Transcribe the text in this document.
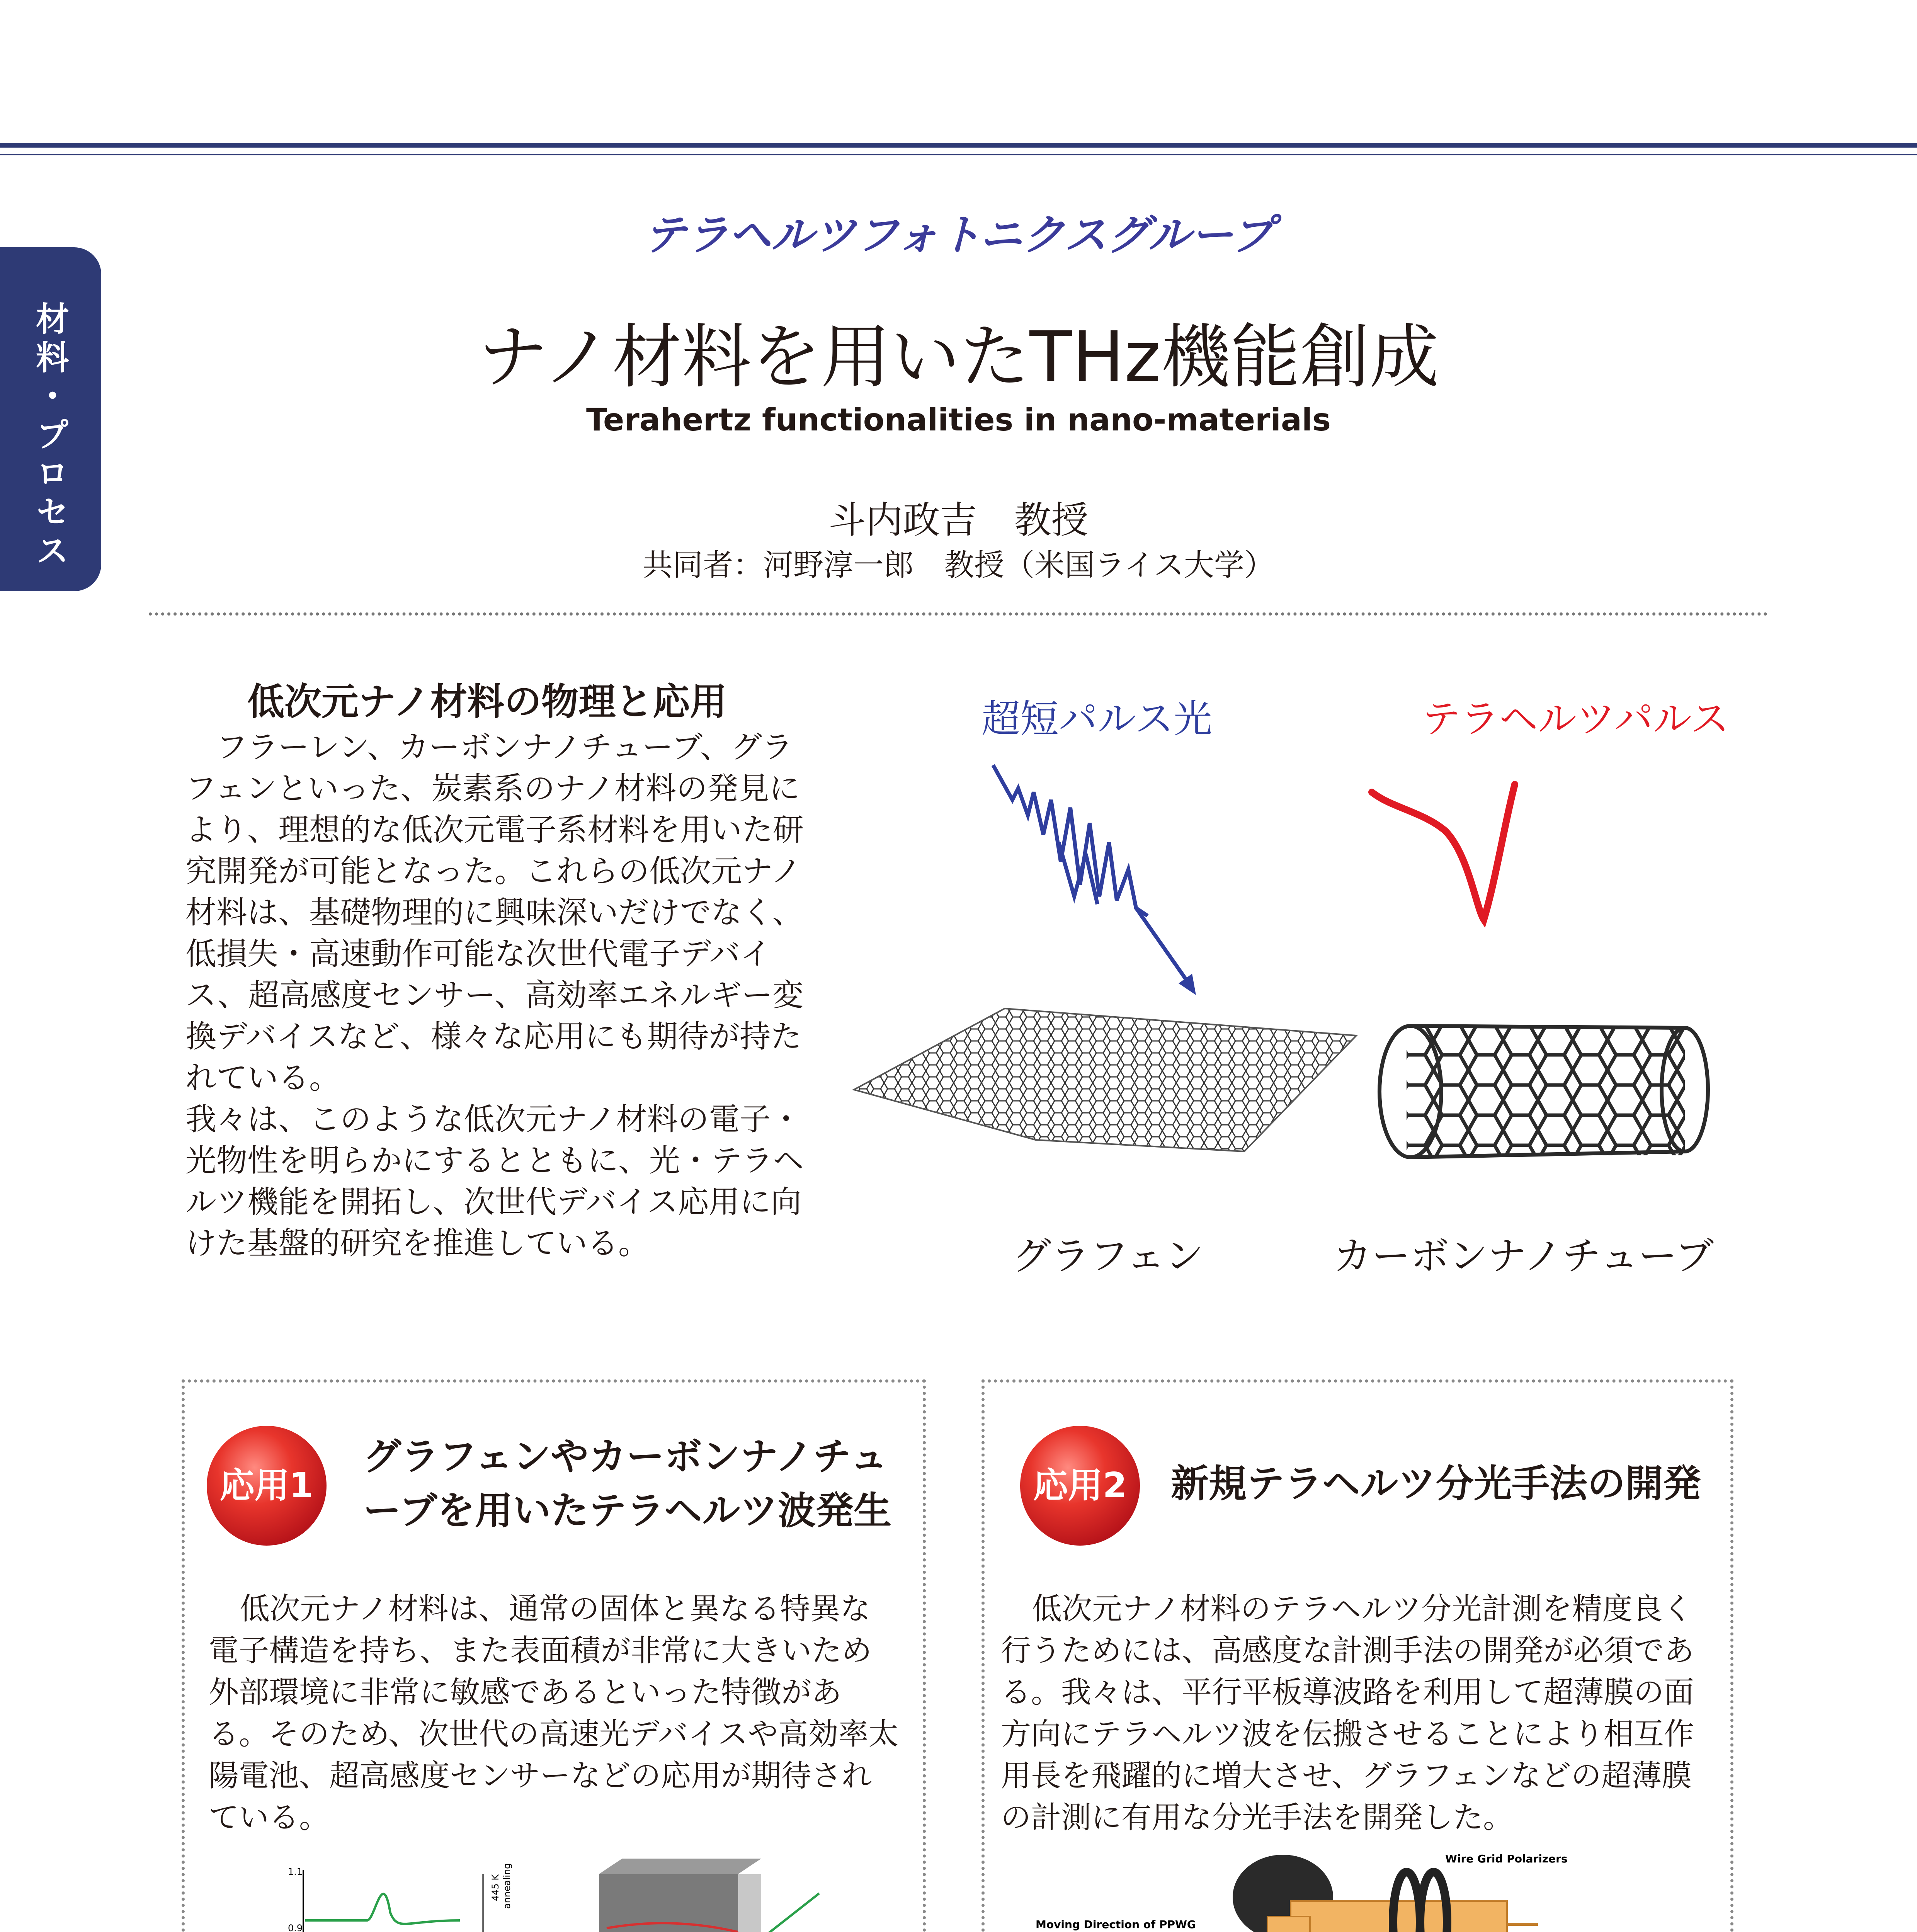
材料・プロセス
テラヘルツフォトニクスグループ
ナノ材料を用いたTHz機能創成
Terahertz functionalities in nano-materials
斗内政吉　教授
共同者：河野淳一郎　教授（米国ライス大学）
低次元ナノ材料の物理と応用

フラーレン、カーボンナノチューブ、グラフェンといった、炭素系のナノ材料の発見により、理想的な低次元電子系材料を用いた研究開発が可能となった。これらの低次元ナノ材料は、基礎物理的に興味深いだけでなく、低損失・高速動作可能な次世代電子デバイス、超高感度センサー、高効率エネルギー変換デバイスなど、様々な応用にも期待が持たれている。

我々は、このような低次元ナノ材料の電子・光物性を明らかにするとともに、光・テラヘルツ機能を開拓し、次世代デバイス応用に向けた基盤的研究を推進している。

超短パルス光	テラヘルツパルス
グラフェン	カーボンナノチューブ
応用1
グラフェンやカーボンナノチューブを用いたテラヘルツ波発生

低次元ナノ材料は、通常の固体と異なる特異な電子構造を持ち、また表面積が非常に大きいため外部環境に非常に敏感であるといった特徴がある。そのため、次世代の高速光デバイスや高効率太陽電池、超高感度センサーなどの応用が期待されている。

1.1
0.9
445 K annealing
応用2	新規テラヘルツ分光手法の開発

低次元ナノ材料のテラヘルツ分光計測を精度良く行うためには、高感度な計測手法の開発が必須である。我々は、平行平板導波路を利用して超薄膜の面方向にテラヘルツ波を伝搬させることにより相互作用長を飛躍的に増大させ、グラフェンなどの超薄膜の計測に有用な分光手法を開発した。

Wire Grid Polarizers
Moving Direction of PPWG
